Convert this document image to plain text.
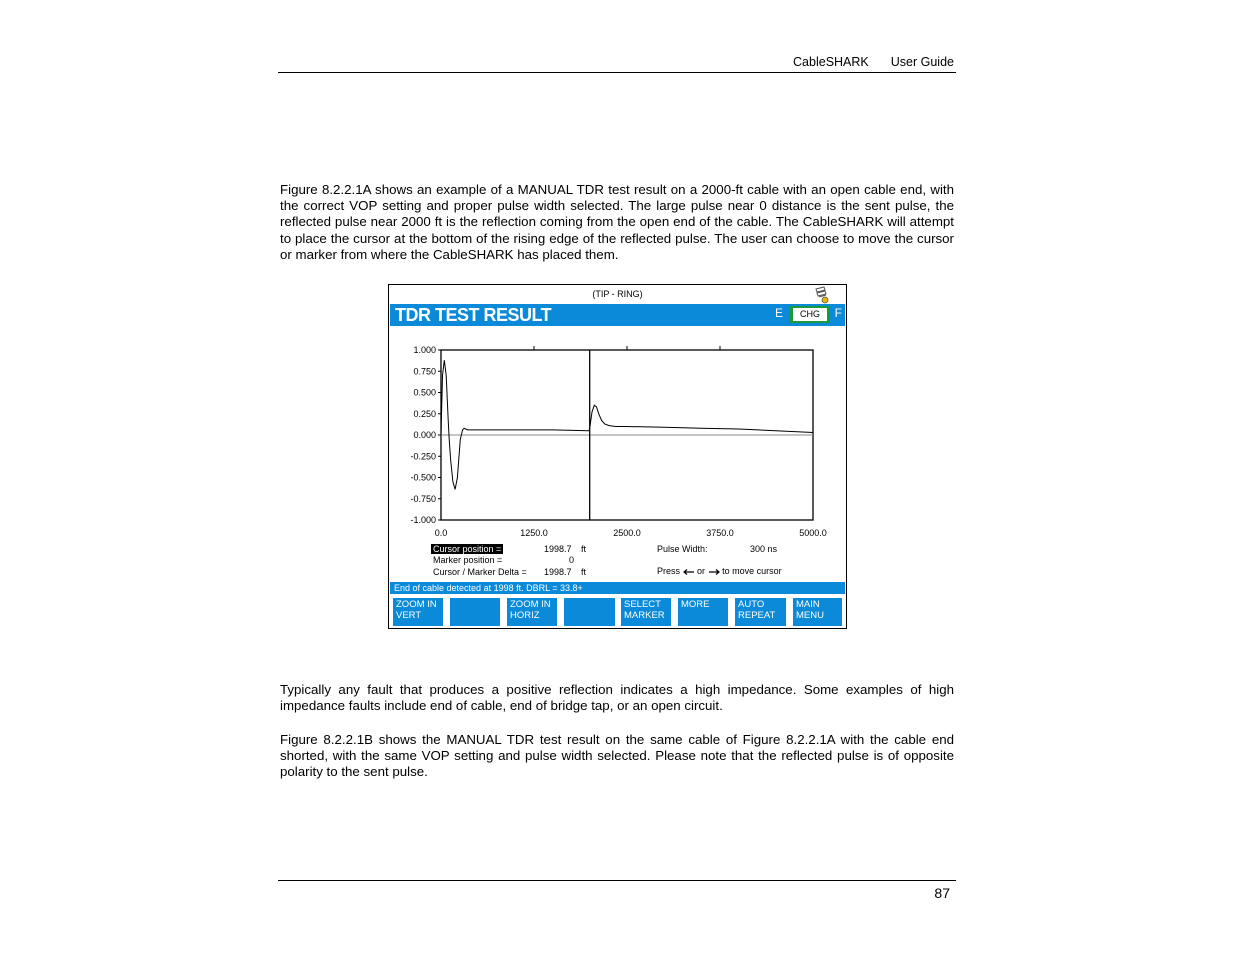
CableSHARK User Guide

Figure 8.2.2.1A shows an example of a MANUAL TDR test result on a 2000-ft cable with an open cable end, with the correct VOP setting and proper pulse width selected. The large pulse near 0 distance is the sent pulse, the reflected pulse near 2000 ft is the reflection coming from the open end of the cable. The CableSHARK will attempt to place the cursor at the bottom of the rising edge of the reflected pulse. The user can choose to move the cursor or marker from where the CableSHARK has placed them.

(TIP - RING)
TDR TEST RESULT	E	CHG	F
1.000
0.750
0.500
0.250
0.000
-0.250
-0.500
-0.750
-1.000
0.0	1250.0	2500.0	3750.0	5000.0
Cursor position =	1998.7 ft
Marker position =	0
Cursor / Marker Delta = 1998.7 ft
Pulse Width:	300 ns
Press or to move cursor
End of cable detected at 1998 ft. DBRL = 33.8+
ZOOM IN
VERT
ZOOM IN
HORIZ
SELECT
MARKER
MORE	AUTO
REPEAT
MAIN
MENU

Typically any fault that produces a positive reflection indicates a high impedance. Some examples of high impedance faults include end of cable, end of bridge tap, or an open circuit.

Figure 8.2.2.1B shows the MANUAL TDR test result on the same cable of Figure 8.2.2.1A with the cable end shorted, with the same VOP setting and pulse width selected. Please note that the reflected pulse is of opposite polarity to the sent pulse.

87
